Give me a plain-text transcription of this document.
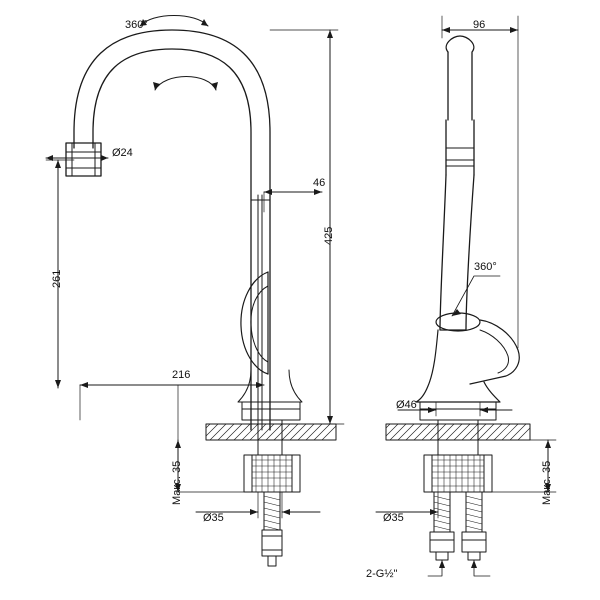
360°
Ø24
261
216
46
425
Макс. 35
Ø35
96
360°
Ø46
Макс. 35
Ø35
2-G½"
